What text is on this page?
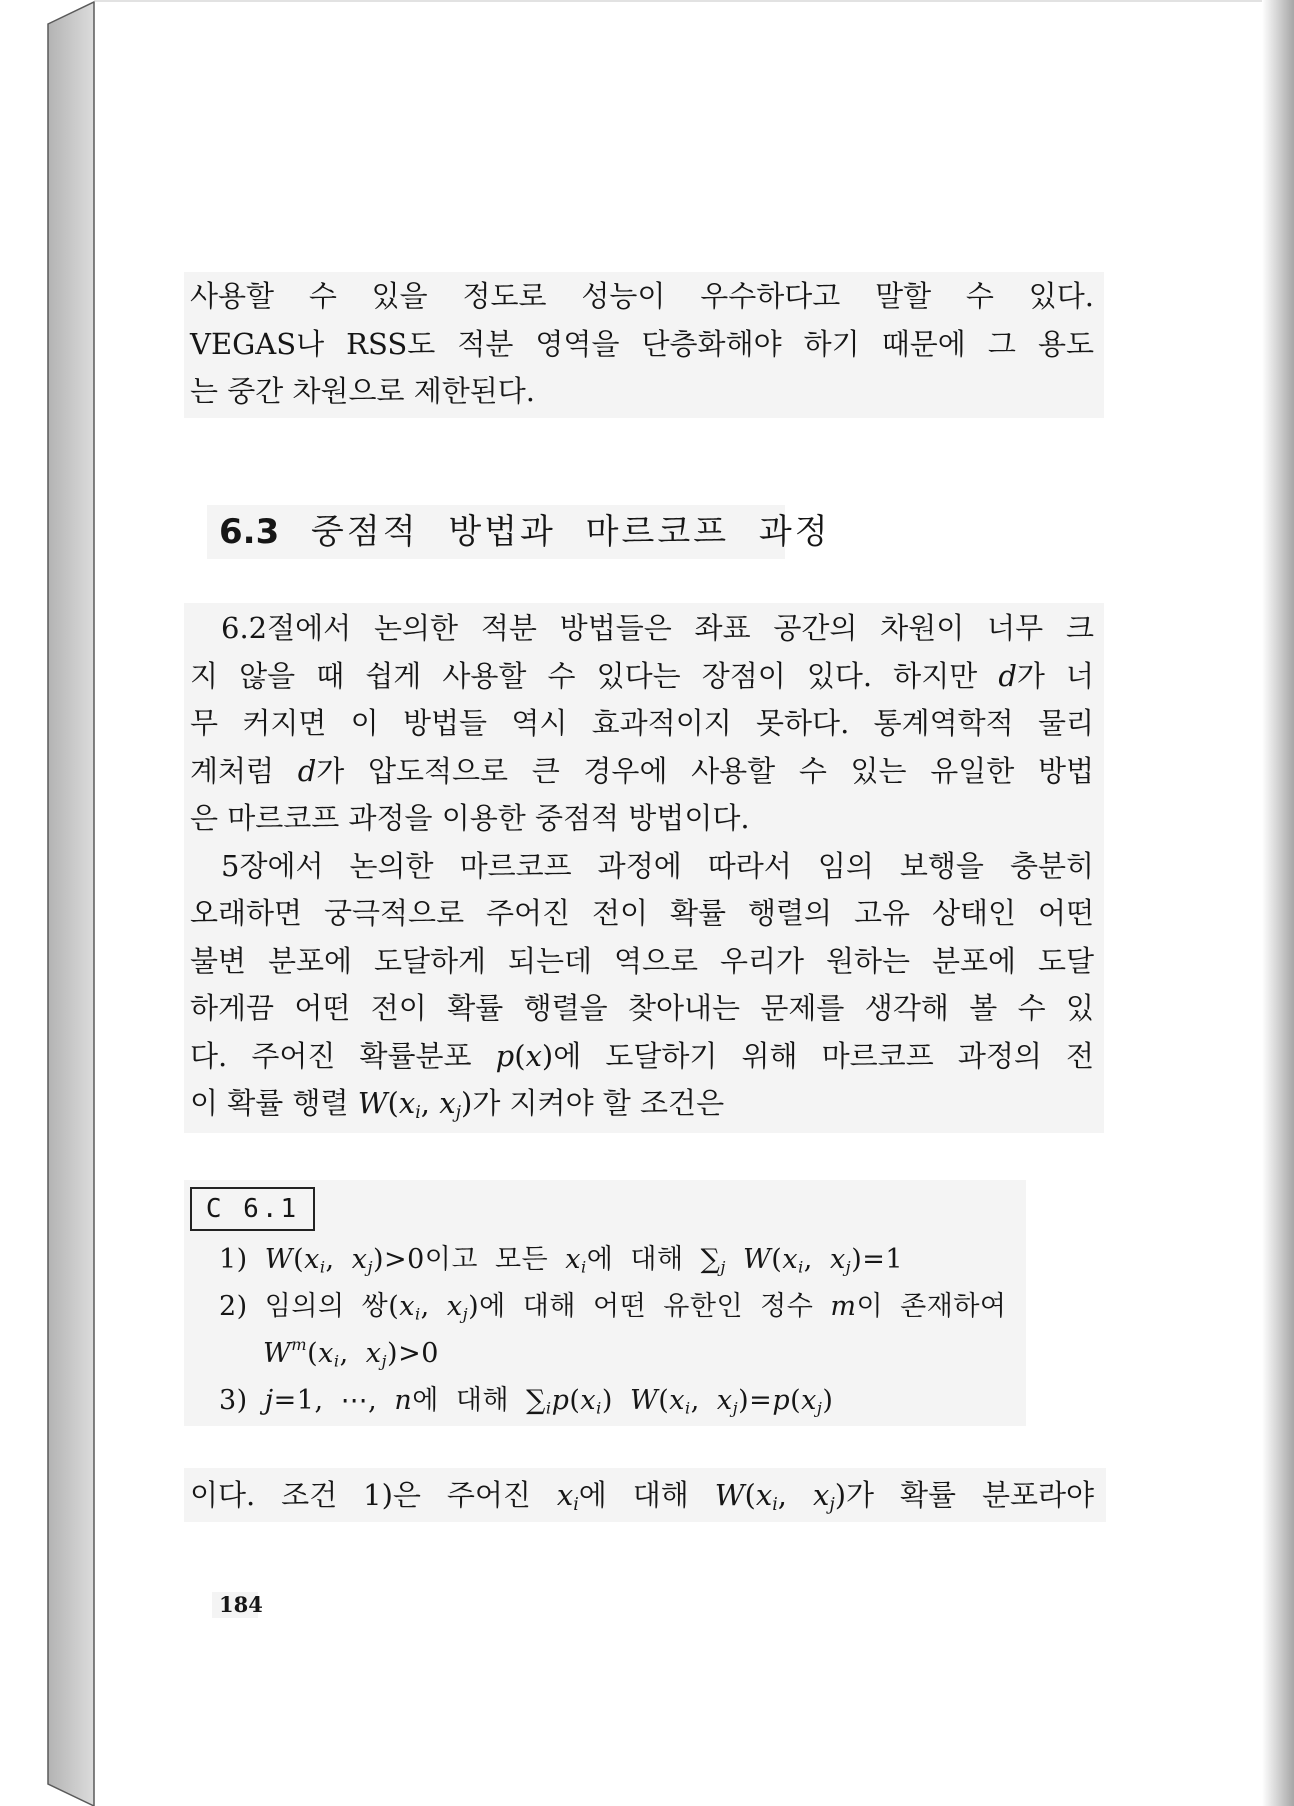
사용할 수 있을 정도로 성능이 우수하다고 말할 수 있다.
VEGAS나 RSS도 적분 영역을 단층화해야 하기 때문에 그 용도
는 중간 차원으로 제한된다.
6.3 중점적 방법과 마르코프 과정
6.2절에서 논의한 적분 방법들은 좌표 공간의 차원이 너무 크
지 않을 때 쉽게 사용할 수 있다는 장점이 있다. 하지만 d가 너
무 커지면 이 방법들 역시 효과적이지 못하다. 통계역학적 물리
계처럼 d가 압도적으로 큰 경우에 사용할 수 있는 유일한 방법
은 마르코프 과정을 이용한 중점적 방법이다.
5장에서 논의한 마르코프 과정에 따라서 임의 보행을 충분히
오래하면 궁극적으로 주어진 전이 확률 행렬의 고유 상태인 어떤
불변 분포에 도달하게 되는데 역으로 우리가 원하는 분포에 도달
하게끔 어떤 전이 확률 행렬을 찾아내는 문제를 생각해 볼 수 있
다. 주어진 확률분포 p(x)에 도달하기 위해 마르코프 과정의 전
이 확률 행렬 W(xi, xj)가 지켜야 할 조건은
C 6.1
1) W(xi, xj)>0이고 모든 xi에 대해 ∑j W(xi, xj)=1
2) 임의의 쌍(xi, xj)에 대해 어떤 유한인 정수 m이 존재하여
$W^m(xi$, xj)>0
3) j=1, ⋯, n에 대해 ∑ip(xi) W(xi, xj)=p(xj)
이다. 조건 1)은 주어진 xi에 대해 W(xi, xj)가 확률 분포라야
184
